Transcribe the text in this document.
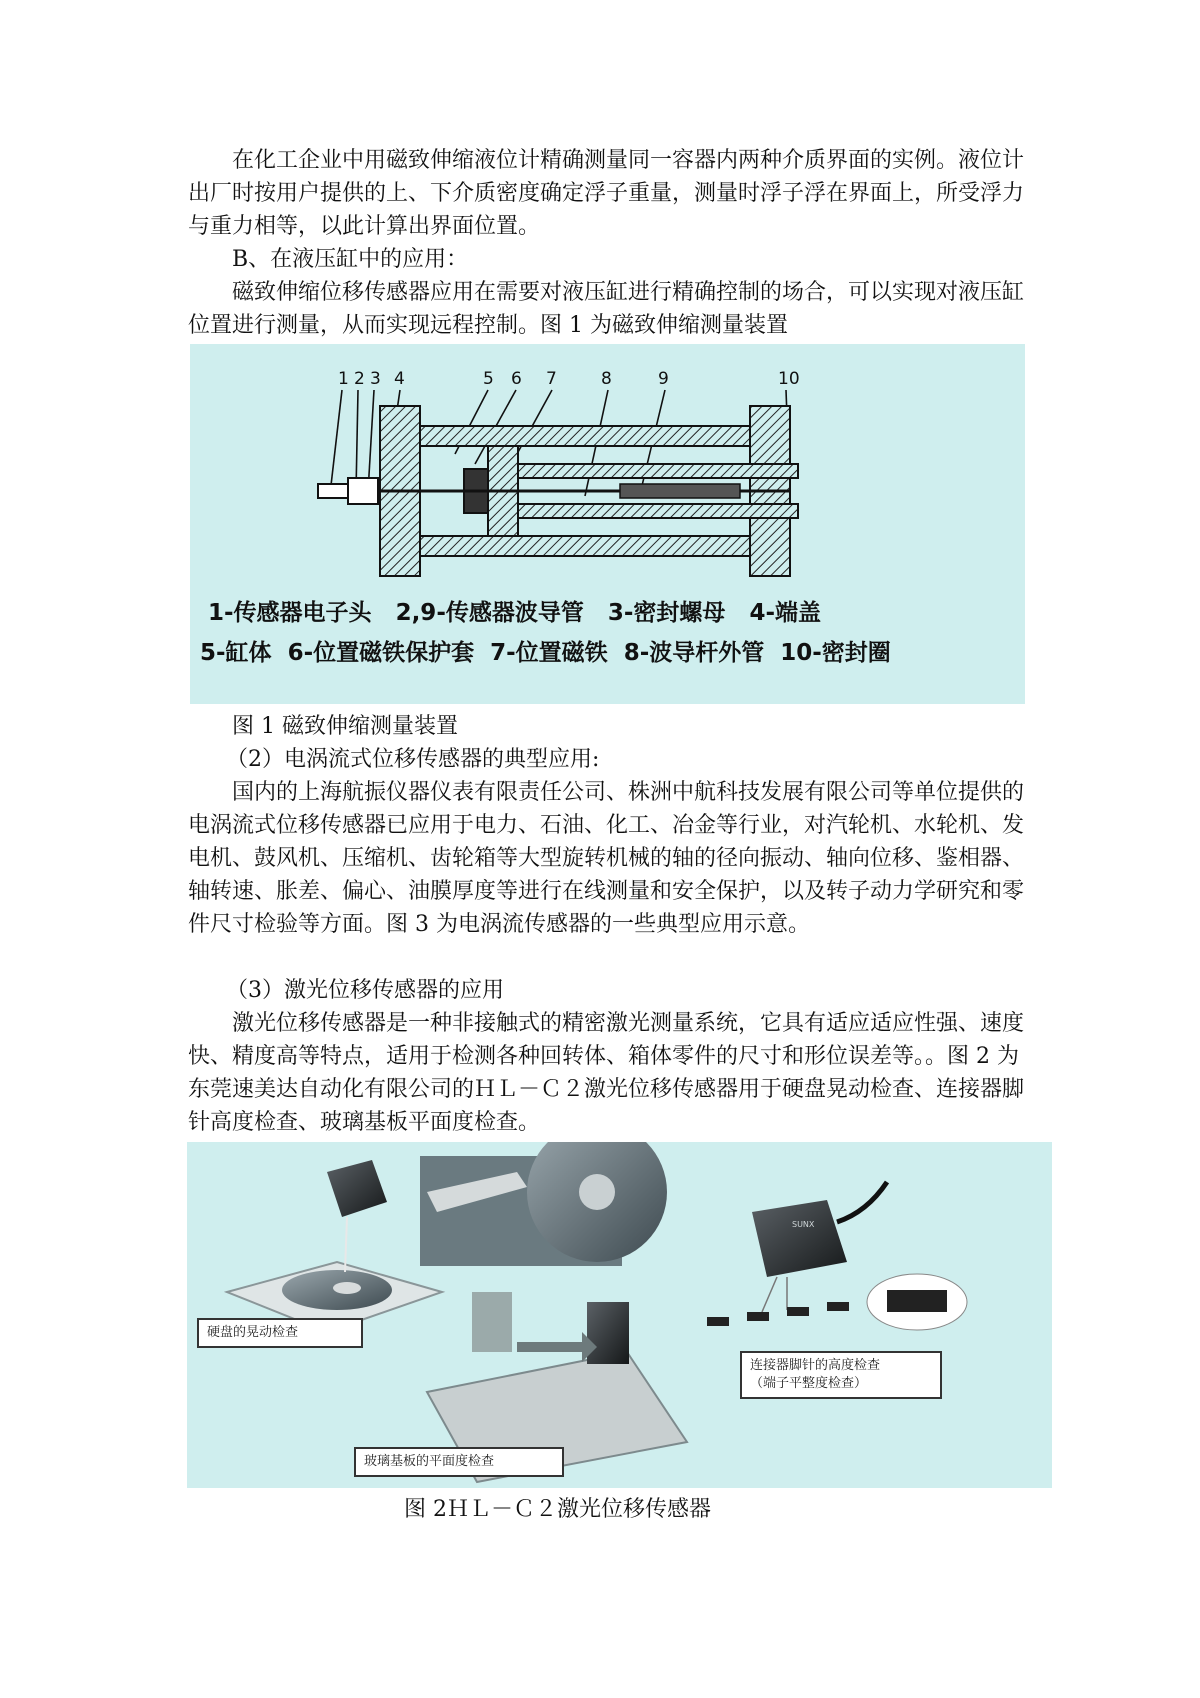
在化工企业中用磁致伸缩液位计精确测量同一容器内两种介质界面的实例。液位计出厂时按用户提供的上、下介质密度确定浮子重量，测量时浮子浮在界面上，所受浮力与重力相等，以此计算出界面位置。

B、在液压缸中的应用：

磁致伸缩位移传感器应用在需要对液压缸进行精确控制的场合，可以实现对液压缸位置进行测量，从而实现远程控制。图 1 为磁致伸缩测量装置

1 2 3 4	5 6 7	8	9	10
1-传感器电子头   2,9-传感器波导管   3-密封螺母   4-端盖
5-缸体  6-位置磁铁保护套  7-位置磁铁  8-波导杆外管  10-密封圈

图 1 磁致伸缩测量装置

（2）电涡流式位移传感器的典型应用:

国内的上海航振仪器仪表有限责任公司、株洲中航科技发展有限公司等单位提供的电涡流式位移传感器已应用于电力、石油、化工、冶金等行业，对汽轮机、水轮机、发电机、鼓风机、压缩机、齿轮箱等大型旋转机械的轴的径向振动、轴向位移、鉴相器、轴转速、胀差、偏心、油膜厚度等进行在线测量和安全保护，以及转子动力学研究和零件尺寸检验等方面。图 3 为电涡流传感器的一些典型应用示意。

（3）激光位移传感器的应用

激光位移传感器是一种非接触式的精密激光测量系统，它具有适应适应性强、速度快、精度高等特点，适用于检测各种回转体、箱体零件的尺寸和形位误差等。。图 2 为东莞速美达自动化有限公司的ＨＬ－Ｃ２激光位移传感器用于硬盘晃动检查、连接器脚针高度检查、玻璃基板平面度检查。

SUNX
硬盘的晃动检查
连接器脚针的高度检查
（端子平整度检查）
玻璃基板的平面度检查

图 2ＨＬ－Ｃ２激光位移传感器
